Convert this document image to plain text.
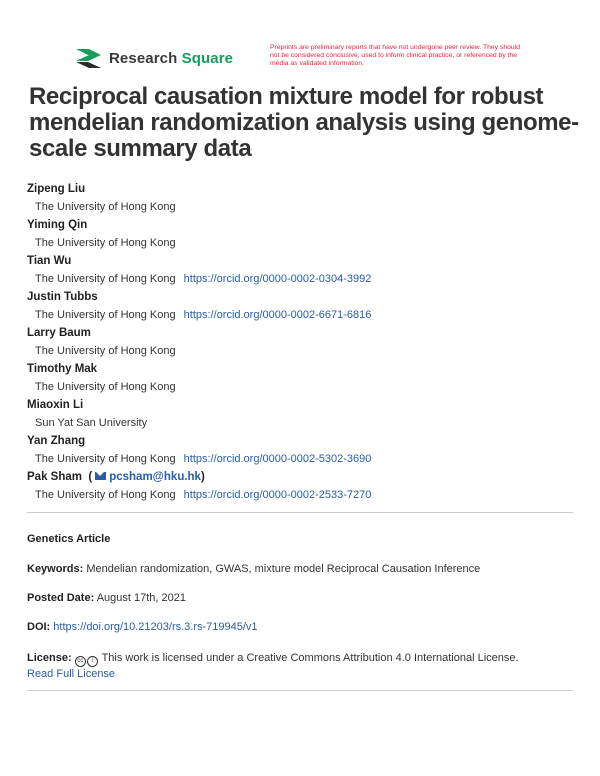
Research Square
Preprints are preliminary reports that have not undergone peer review. They should not be considered conclusive, used to inform clinical practice, or referenced by the media as validated information.
Reciprocal causation mixture model for robust mendelian randomization analysis using genome-scale summary data
Zipeng Liu
The University of Hong Kong
Yiming Qin
The University of Hong Kong
Tian Wu
The University of Hong Kong https://orcid.org/0000-0002-0304-3992
Justin Tubbs
The University of Hong Kong https://orcid.org/0000-0002-6671-6816
Larry Baum
The University of Hong Kong
Timothy Mak
The University of Hong Kong
Miaoxin Li
Sun Yat San University
Yan Zhang
The University of Hong Kong https://orcid.org/0000-0002-5302-3690
Pak Sham ( pcsham@hku.hk)
The University of Hong Kong https://orcid.org/0000-0002-2533-7270
Genetics Article
Keywords: Mendelian randomization, GWAS, mixture model Reciprocal Causation Inference
Posted Date: August 17th, 2021
DOI: https://doi.org/10.21203/rs.3.rs-719945/v1
License: cc i This work is licensed under a Creative Commons Attribution 4.0 International License.
Read Full License
